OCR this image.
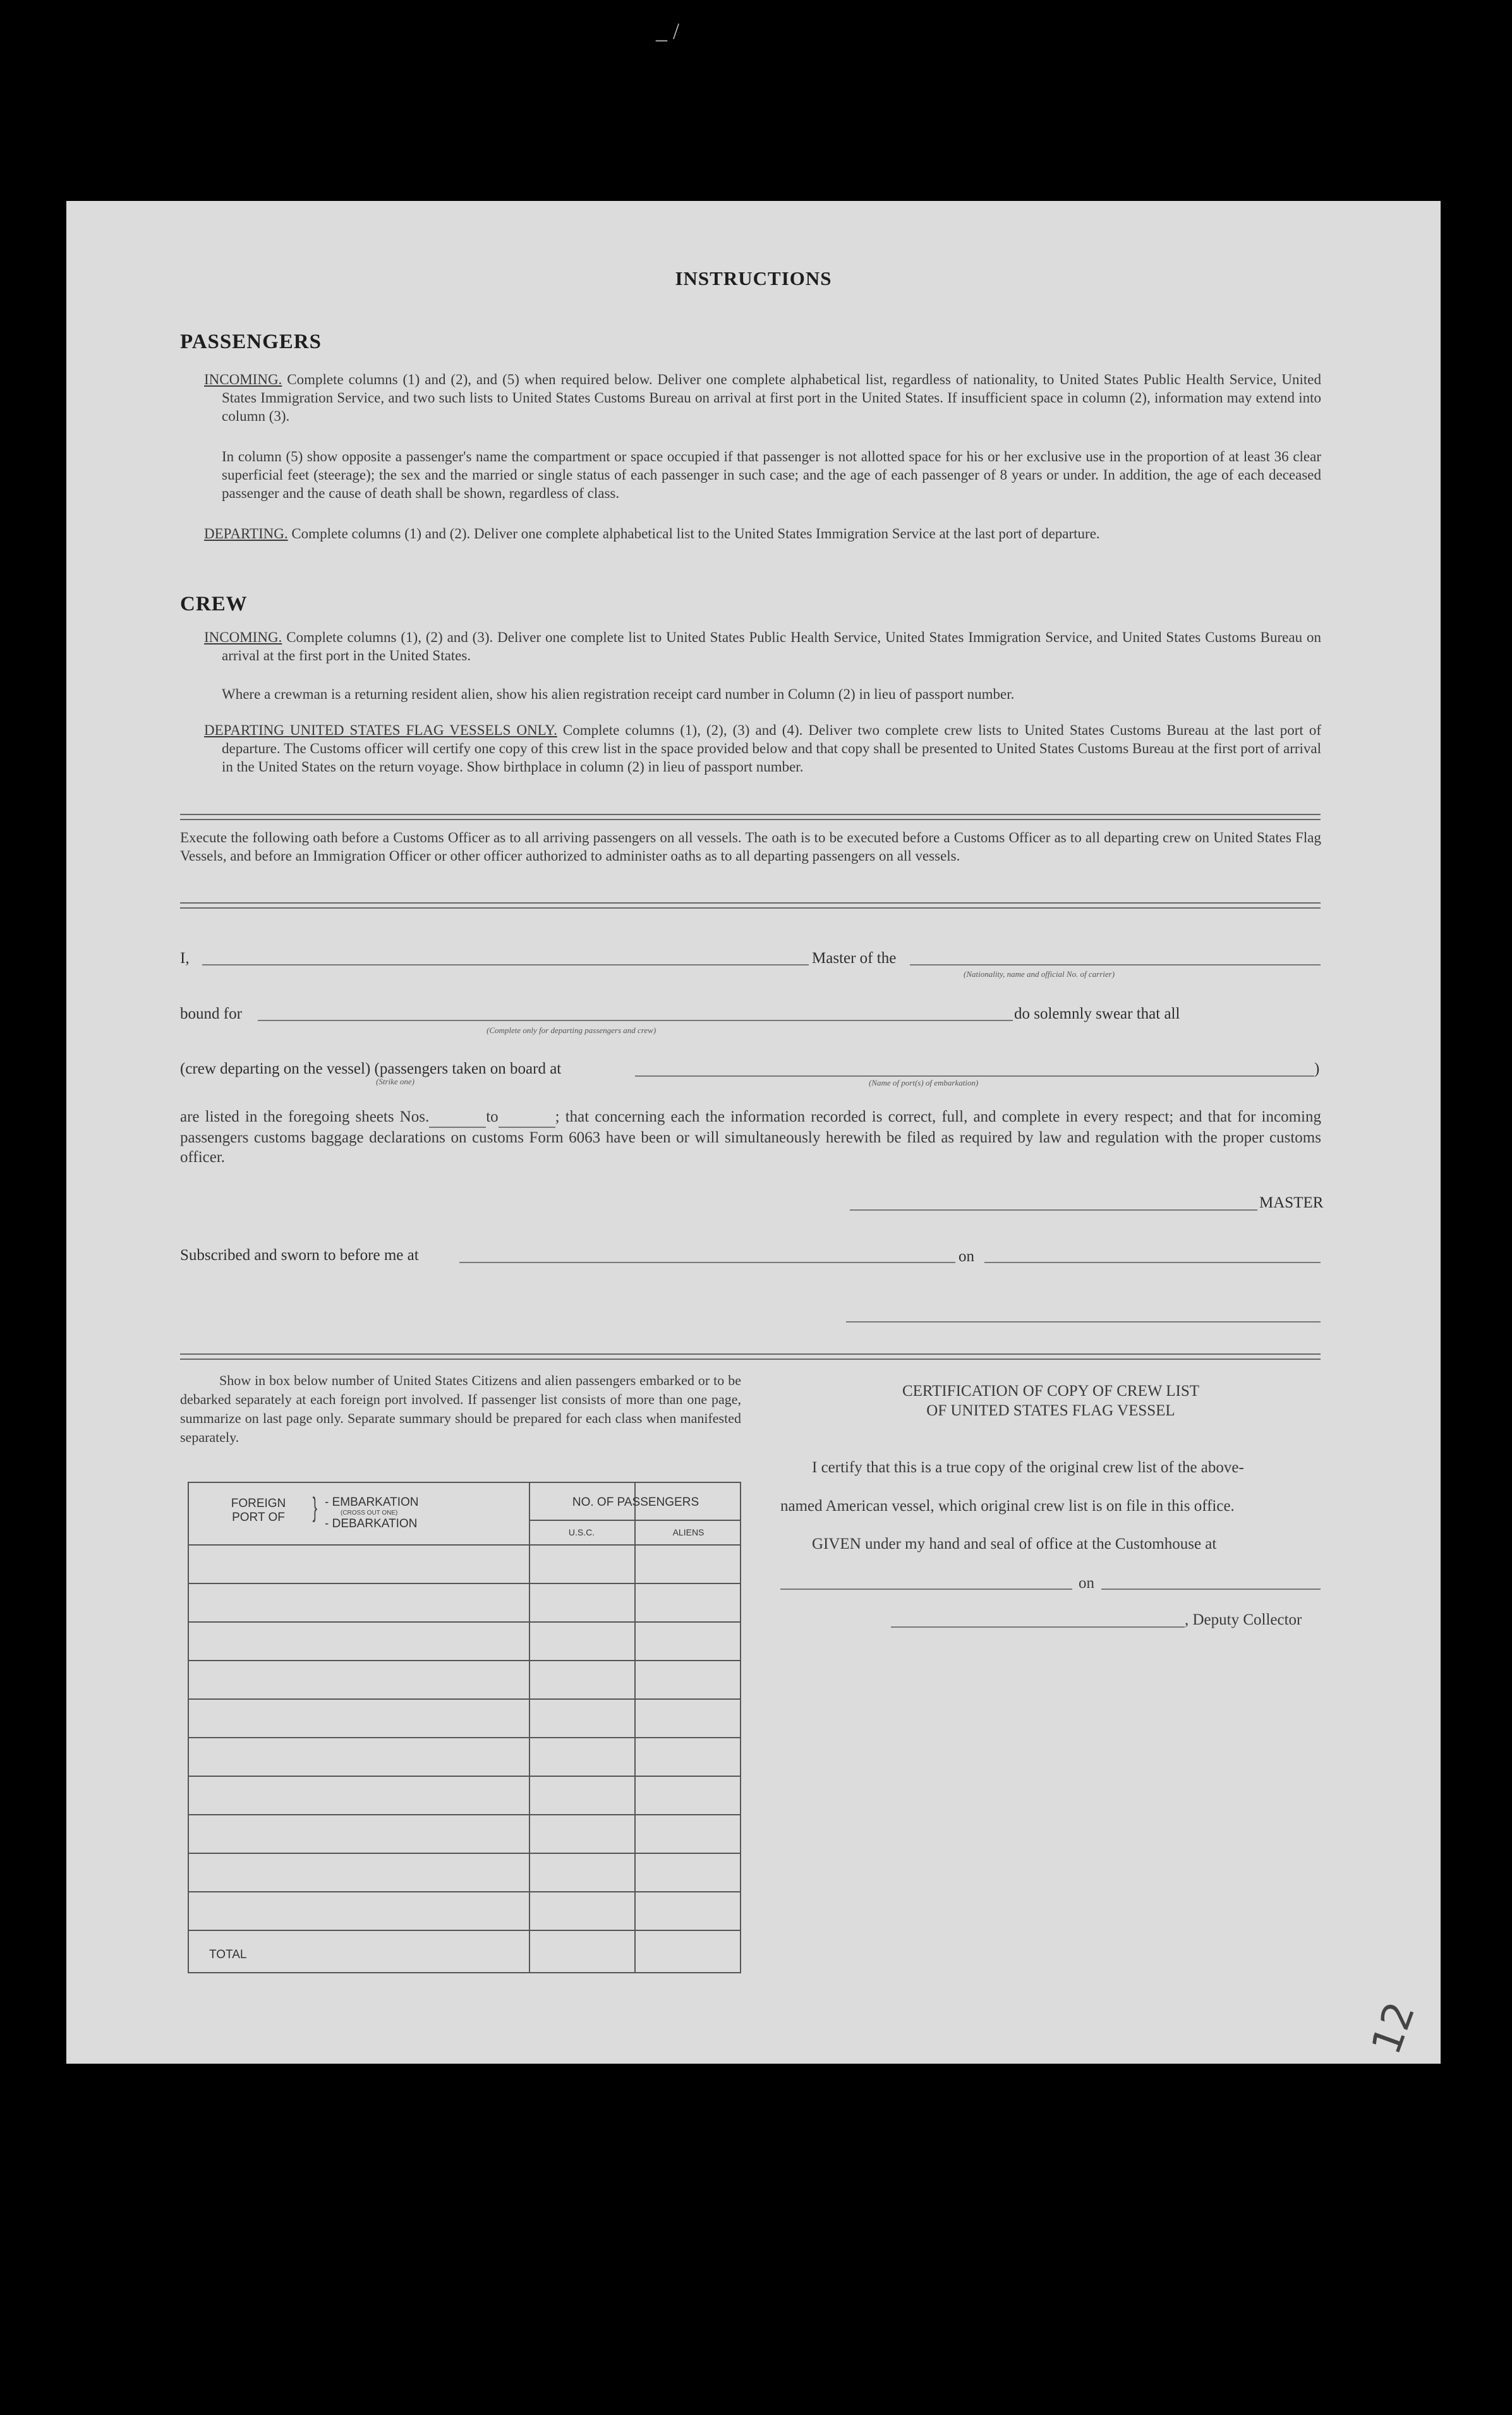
_ /
INSTRUCTIONS
PASSENGERS
INCOMING. Complete columns (1) and (2), and (5) when required below. Deliver one complete alphabetical list, regardless of nationality, to United States Public Health Service, United States Immigration Service, and two such lists to United States Customs Bureau on arrival at first port in the United States. If insufficient space in column (2), information may extend into column (3).
In column (5) show opposite a passenger's name the compartment or space occupied if that passenger is not allotted space for his or her exclusive use in the proportion of at least 36 clear superficial feet (steerage); the sex and the married or single status of each passenger in such case; and the age of each passenger of 8 years or under. In addition, the age of each deceased passenger and the cause of death shall be shown, regardless of class.
DEPARTING. Complete columns (1) and (2). Deliver one complete alphabetical list to the United States Immigration Service at the last port of departure.
CREW
INCOMING. Complete columns (1), (2) and (3). Deliver one complete list to United States Public Health Service, United States Immigration Service, and United States Customs Bureau on arrival at the first port in the United States.
Where a crewman is a returning resident alien, show his alien registration receipt card number in Column (2) in lieu of passport number.
DEPARTING UNITED STATES FLAG VESSELS ONLY. Complete columns (1), (2), (3) and (4). Deliver two complete crew lists to United States Customs Bureau at the last port of departure. The Customs officer will certify one copy of this crew list in the space provided below and that copy shall be presented to United States Customs Bureau at the first port of arrival in the United States on the return voyage. Show birthplace in column (2) in lieu of passport number.
Execute the following oath before a Customs Officer as to all arriving passengers on all vessels. The oath is to be executed before a Customs Officer as to all departing crew on United States Flag Vessels, and before an Immigration Officer or other officer authorized to administer oaths as to all departing passengers on all vessels.
I,	Master of the
(Nationality, name and official No. of carrier)
bound for
(Complete only for departing passengers and crew)
do solemnly swear that all
(crew departing on the vessel) (passengers taken on board at	)
(Strike one)	(Name of port(s) of embarkation)
are listed in the foregoing sheets Nos.	to	; that concerning each the information recorded is correct, full, and complete in every respect; and that for incoming passengers customs baggage declarations on customs Form 6063 have been or will simultaneously herewith be filed as required by law and regulation with the proper customs officer.
MASTER
Subscribed and sworn to before me at	on
Show in box below number of United States Citizens and alien passengers embarked or to be debarked separately at each foreign port involved. If passenger list consists of more than one page, summarize on last page only. Separate summary should be prepared for each class when manifested separately.
FOREIGN PORT OF } - EMBARKATION
(CROSS OUT ONE)
- DEBARKATION
NO. OF PASSENGERS
U.S.C.	ALIENS
TOTAL
CERTIFICATION OF COPY OF CREW LIST
OF UNITED STATES FLAG VESSEL
I certify that this is a true copy of the original crew list of the above-
named American vessel, which original crew list is on file in this office.
GIVEN under my hand and seal of office at the Customhouse at
on
, Deputy Collector
12
